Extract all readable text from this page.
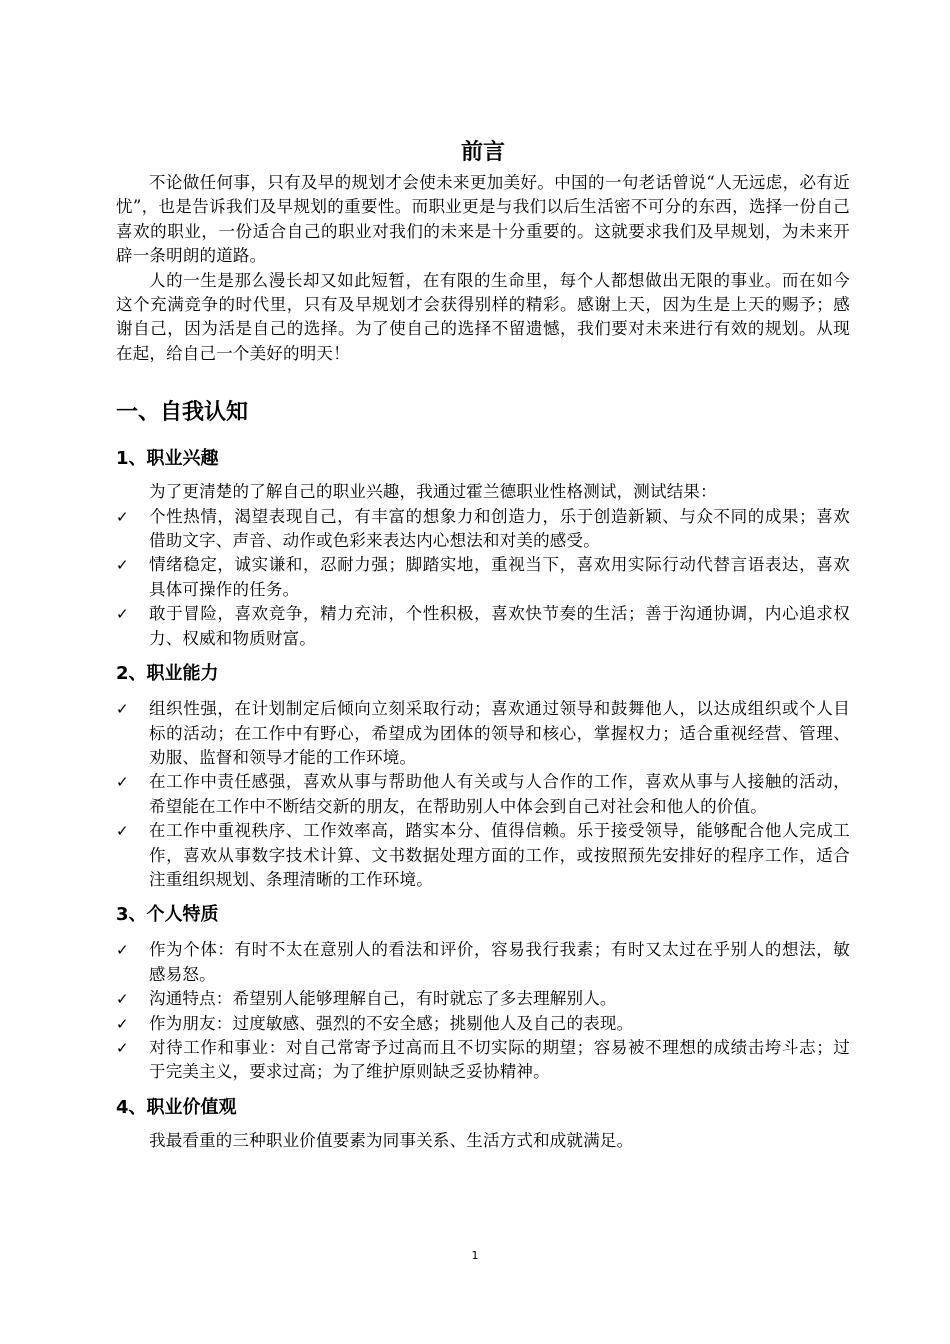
前言

不论做任何事，只有及早的规划才会使未来更加美好。中国的一句老话曾说“人无远虑，必有近忧”，也是告诉我们及早规划的重要性。而职业更是与我们以后生活密不可分的东西，选择一份自己喜欢的职业，一份适合自己的职业对我们的未来是十分重要的。这就要求我们及早规划，为未来开辟一条明朗的道路。

人的一生是那么漫长却又如此短暂，在有限的生命里，每个人都想做出无限的事业。而在如今这个充满竞争的时代里，只有及早规划才会获得别样的精彩。感谢上天，因为生是上天的赐予；感谢自己，因为活是自己的选择。为了使自己的选择不留遗憾，我们要对未来进行有效的规划。从现在起，给自己一个美好的明天！

一、自我认知
1、职业兴趣

为了更清楚的了解自己的职业兴趣，我通过霍兰德职业性格测试，测试结果：

✓ 个性热情，渴望表现自己，有丰富的想象力和创造力，乐于创造新颖、与众不同的成果；喜欢借助文字、声音、动作或色彩来表达内心想法和对美的感受。
✓ 情绪稳定，诚实谦和，忍耐力强；脚踏实地，重视当下，喜欢用实际行动代替言语表达，喜欢具体可操作的任务。
✓ 敢于冒险，喜欢竞争，精力充沛，个性积极，喜欢快节奏的生活；善于沟通协调，内心追求权力、权威和物质财富。
2、职业能力
✓ 组织性强，在计划制定后倾向立刻采取行动；喜欢通过领导和鼓舞他人，以达成组织或个人目标的活动；在工作中有野心，希望成为团体的领导和核心，掌握权力；适合重视经营、管理、劝服、监督和领导才能的工作环境。
✓ 在工作中责任感强，喜欢从事与帮助他人有关或与人合作的工作，喜欢从事与人接触的活动，希望能在工作中不断结交新的朋友，在帮助别人中体会到自己对社会和他人的价值。
✓ 在工作中重视秩序、工作效率高，踏实本分、值得信赖。乐于接受领导，能够配合他人完成工作，喜欢从事数字技术计算、文书数据处理方面的工作，或按照预先安排好的程序工作，适合注重组织规划、条理清晰的工作环境。
3、个人特质
✓ 作为个体：有时不太在意别人的看法和评价，容易我行我素；有时又太过在乎别人的想法，敏感易怒。
✓ 沟通特点：希望别人能够理解自己，有时就忘了多去理解别人。
✓ 作为朋友：过度敏感、强烈的不安全感；挑剔他人及自己的表现。
✓ 对待工作和事业：对自己常寄予过高而且不切实际的期望；容易被不理想的成绩击垮斗志；过于完美主义，要求过高；为了维护原则缺乏妥协精神。
4、职业价值观

我最看重的三种职业价值要素为同事关系、生活方式和成就满足。

1
